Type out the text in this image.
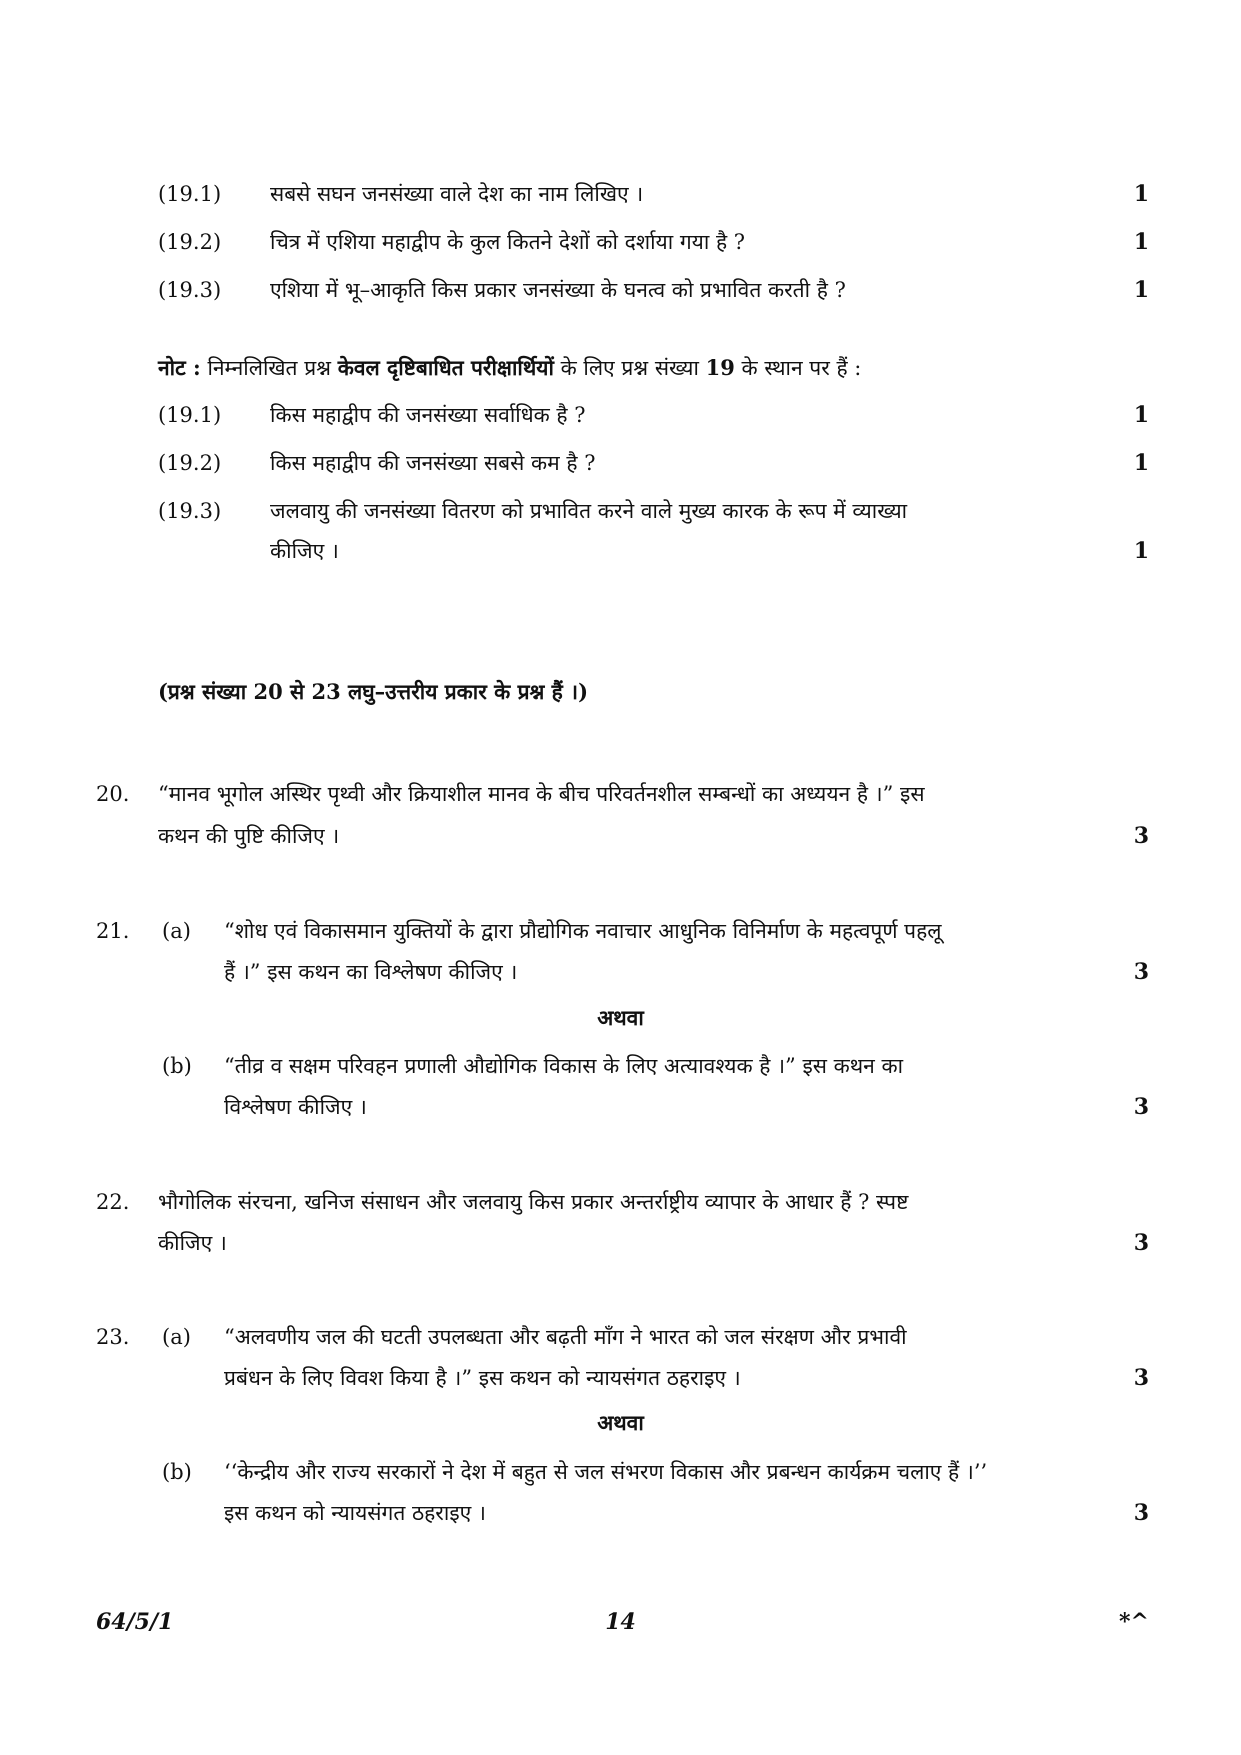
(19.1) सबसे सघन जनसंख्या वाले देश का नाम लिखिए ।	1
(19.2) चित्र में एशिया महाद्वीप के कुल कितने देशों को दर्शाया गया है ?	1
(19.3) एशिया में भू–आकृति किस प्रकार जनसंख्या के घनत्व को प्रभावित करती है ?	1
नोट : निम्नलिखित प्रश्न केवल दृष्टिबाधित परीक्षार्थियों के लिए प्रश्न संख्या 19 के स्थान पर हैं :
(19.1) किस महाद्वीप की जनसंख्या सर्वाधिक है ?	1
(19.2) किस महाद्वीप की जनसंख्या सबसे कम है ?	1
(19.3) जलवायु की जनसंख्या वितरण को प्रभावित करने वाले मुख्य कारक के रूप में व्याख्या
कीजिए ।	1
(प्रश्न संख्या 20 से 23 लघु–उत्तरीय प्रकार के प्रश्न हैं ।)
20. “मानव भूगोल अस्थिर पृथ्वी और क्रियाशील मानव के बीच परिवर्तनशील सम्बन्धों का अध्ययन है ।” इस
कथन की पुष्टि कीजिए ।	3
21. (a) “शोध एवं विकासमान युक्तियों के द्वारा प्रौद्योगिक नवाचार आधुनिक विनिर्माण के महत्वपूर्ण पहलू
हैं ।” इस कथन का विश्लेषण कीजिए ।	3
अथवा
(b) “तीव्र व सक्षम परिवहन प्रणाली औद्योगिक विकास के लिए अत्यावश्यक है ।” इस कथन का
विश्लेषण कीजिए ।	3
22. भौगोलिक संरचना, खनिज संसाधन और जलवायु किस प्रकार अन्तर्राष्ट्रीय व्यापार के आधार हैं ? स्पष्ट
कीजिए ।	3
23. (a) “अलवणीय जल की घटती उपलब्धता और बढ़ती माँग ने भारत को जल संरक्षण और प्रभावी
प्रबंधन के लिए विवश किया है ।” इस कथन को न्यायसंगत ठहराइए ।	3
अथवा
(b) ‘‘केन्द्रीय और राज्य सरकारों ने देश में बहुत से जल संभरण विकास और प्रबन्धन कार्यक्रम चलाए हैं ।’’
इस कथन को न्यायसंगत ठहराइए ।	3
64/5/1	14	*^
